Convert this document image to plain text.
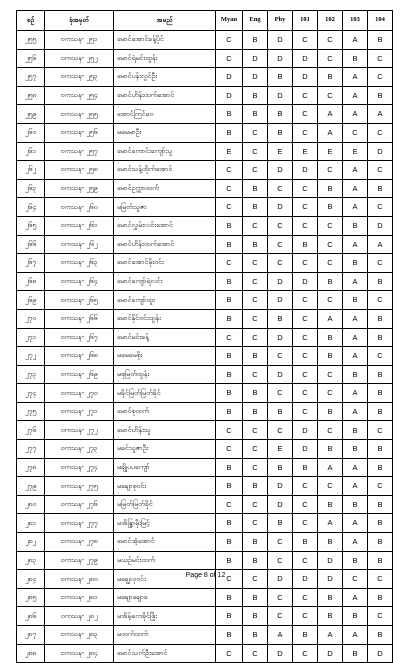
စဥ်	ခုံအမှတ်	အမည်	Myan	Eng	Phy	101	102	103	104
၂၅၅	ဝကသန- ၂၅၁	မောင်အောင်ခန့်ပိုင်	C	B	D	C	C	A	B
၂၅၆	ဝကသန- ၂၅၂	မောင်ရဲမင်းထွန်း	C	D	D	D	C	B	C
၂၅၇	ဝကသန- ၂၅၃	မောင်ပန်းလွင်ဦး	D	D	B	D	B	A	C
၂၅၈	ဝကသန- ၂၅၄	မောင်ဟိန်းထက်အောင်	D	B	D	C	C	A	B
၂၅၉	ဝကသန- ၂၅၅	အောင်ကြင်ဝေ	B	B	B	C	A	A	A
၂၆၀	ဝကသန- ၂၅၆	မမေမာဦး	B	C	B	C	A	C	C
၂၆၁	ဝကသန- ၂၅၇	မောင်ကောင်းကျော်သူ	E	C	E	E	E	E	D
၂၆၂	ဝကသန- ၂၅၈	မောင်သန့်ထိုက်အောင်	C	C	D	D	C	A	C
၂၆၃	ဝကသန- ၂၅၉	မောင်ဥက္ကာထက်	C	B	C	C	B	A	B
၂၆၄	ဝကသန- ၂၆၀	မမြတ်သူဇာ	C	B	D	C	B	A	C
၂၆၅	ဝကသန- ၂၆၁	မောင်လွှမ်းလင်းအောင်	B	C	C	C	C	B	D
၂၆၆	ဝကသန- ၂၆၂	မောင်ဟိန်းထက်အောင်	B	B	C	B	C	A	A
၂၆၇	ဝကသန- ၂၆၃	မောင်အောင်မိုးဝင်း	C	C	C	C	C	B	C
၂၆၈	ဝကသန- ၂၆၄	မောင်ကျော်ရဲလင်း	B	C	D	D	B	A	B
၂၆၉	ဝကသန- ၂၆၅	မောင်ကျော်ထူး	B	C	D	C	C	B	C
၂၇၀	ဝကသန- ၂၆၆	မောင်နိုင်ဝင်းထွန်း	B	C	B	C	A	A	B
၂၇၁	ဝကသန- ၂၆၇	မောင်မင်းခန့်	C	C	D	C	B	A	B
၂၇၂	ဝကသန- ၂၆၈	မမေမေစိုး	B	B	C	C	B	A	C
၂၇၃	ဝကသန- ၂၆၉	မစုမြတ်ထွန်း	B	C	D	C	C	B	B
၂၇၄	ဝကသန- ၂၇၀	မခိုင်မြတ်မြတ်ခိုင်	B	B	C	C	C	A	B
၂၇၅	ဝကသန- ၂၇၁	မောင်စုထက်	B	B	B	C	B	A	B
၂၇၆	ဝကသန- ၂၇၂	မောင်ဟိန်းသူ	C	C	C	D	C	B	C
၂၇၇	ဝကသန- ၂၇၃	မခင်သူဇာဦး	C	C	E	D	B	B	B
၂၇၈	ဝကသန- ၂၇၄	မချိုပပကျော်	B	C	B	B	A	A	B
၂၇၉	ဝကသန- ၂၇၅	မချောစုဝင်း	B	B	D	C	C	A	C
၂၈၀	ဝကသန- ၂၇၆	မမြတ်မြတ်ခိုင်	C	C	D	C	B	B	B
၂၈၁	ဝကသန- ၂၇၇	မအိန္ဒြာမိုးမြင့်	B	C	B	C	A	A	B
၂၈၂	ဝကသန- ၂၇၈	မောင်အံ့အောင်	B	B	C	B	B	A	B
၂၈၃	ဝကသန- ၂၇၉	မယဉ်မင်းထက်	B	B	C	C	D	B	B
၂၈၄	ဝကသန- ၂၈၀	မချွေလှဝင်း	C	C	D	D	D	C	C
၂၈၅	ဝကသန- ၂၈၁	မချောချောခ	B	B	C	C	B	A	B
၂၈၆	ဝကသန- ၂၈၂	မအိမ့်ကေခိုင်ဖြိုး	B	B	C	C	B	B	C
၂၈၇	ဝကသန- ၂၈၃	မထက်ထက်	B	B	A	B	A	A	B
၂၈၈	ဝကသန- ၂၈၄	မောင်သက်ဦးအောင်	C	C	D	C	D	B	D
Page 8 of 12
